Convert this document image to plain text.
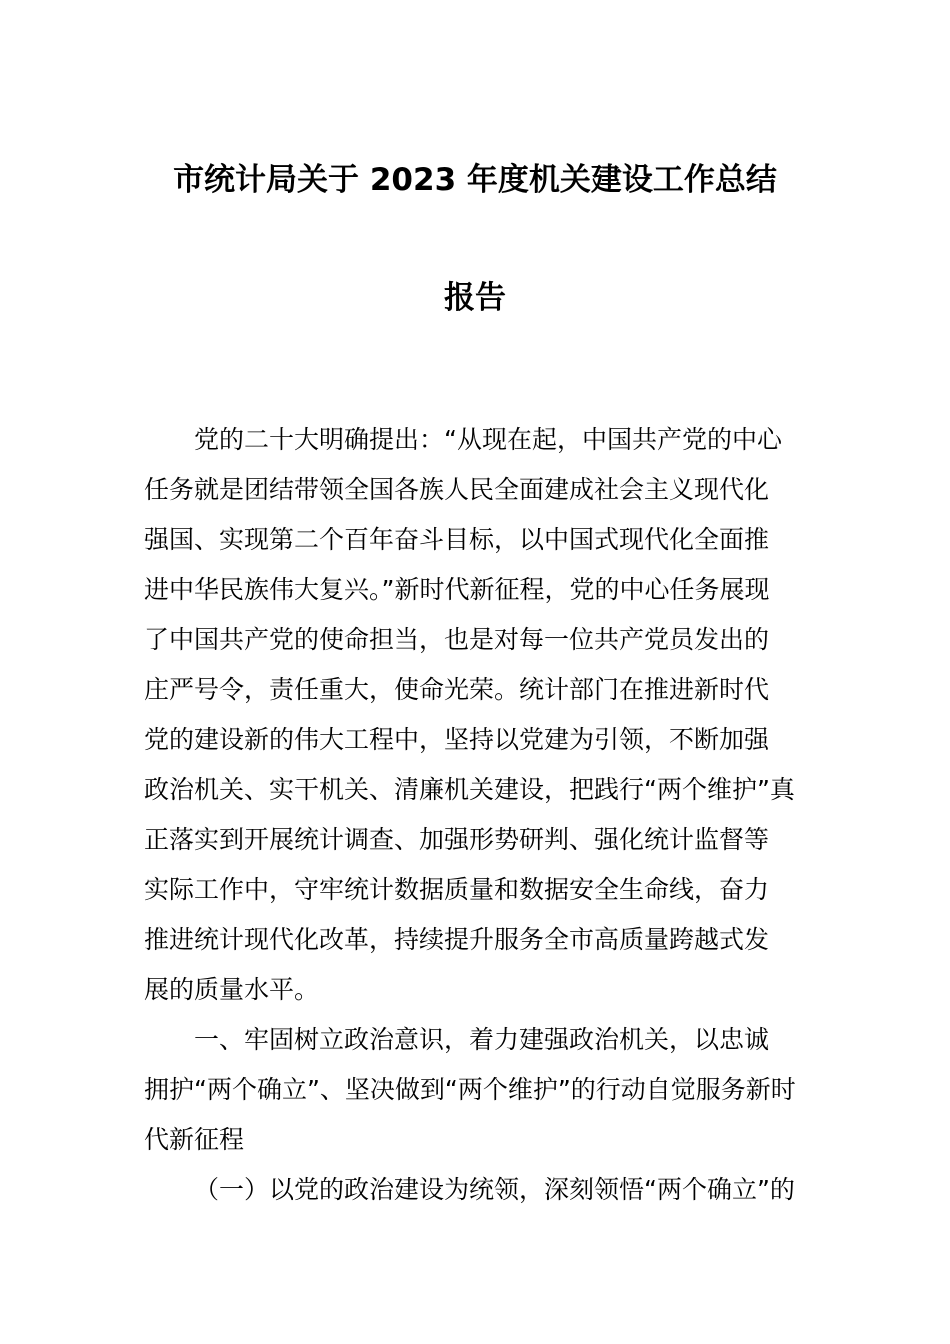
市统计局关于 2023 年度机关建设工作总结
报告
党的二十大明确提出：“从现在起，中国共产党的中心
任务就是团结带领全国各族人民全面建成社会主义现代化
强国、实现第二个百年奋斗目标，以中国式现代化全面推
进中华民族伟大复兴。”新时代新征程，党的中心任务展现
了中国共产党的使命担当，也是对每一位共产党员发出的
庄严号令，责任重大，使命光荣。统计部门在推进新时代
党的建设新的伟大工程中，坚持以党建为引领，不断加强
政治机关、实干机关、清廉机关建设，把践行“两个维护”真
正落实到开展统计调查、加强形势研判、强化统计监督等
实际工作中，守牢统计数据质量和数据安全生命线，奋力
推进统计现代化改革，持续提升服务全市高质量跨越式发
展的质量水平。
一、牢固树立政治意识，着力建强政治机关，以忠诚
拥护“两个确立”、坚决做到“两个维护”的行动自觉服务新时
代新征程
（一）以党的政治建设为统领，深刻领悟“两个确立”的
